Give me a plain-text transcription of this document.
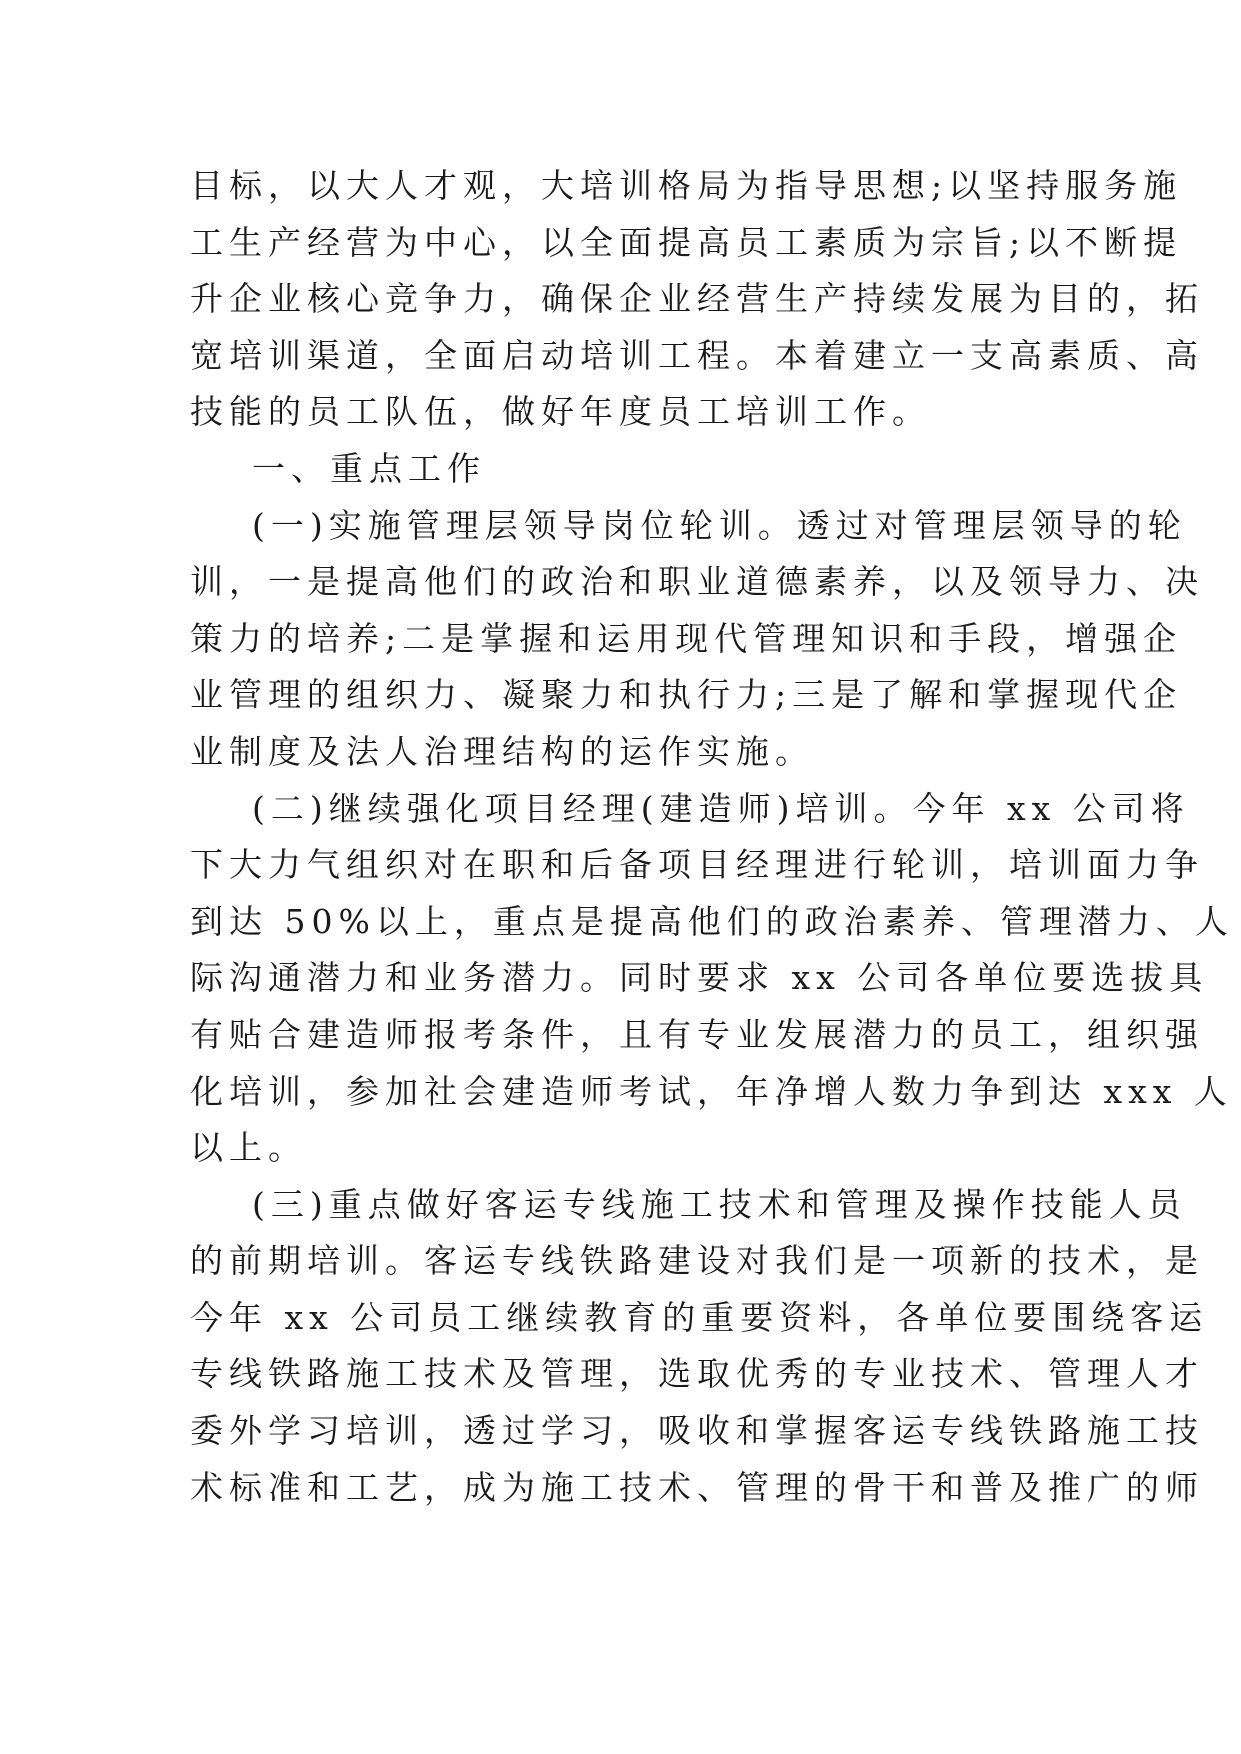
目标，以大人才观，大培训格局为指导思想;以坚持服务施
工生产经营为中心，以全面提高员工素质为宗旨;以不断提
升企业核心竞争力，确保企业经营生产持续发展为目的，拓
宽培训渠道，全面启动培训工程。本着建立一支高素质、高
技能的员工队伍，做好年度员工培训工作。
一、重点工作
(一)实施管理层领导岗位轮训。透过对管理层领导的轮
训，一是提高他们的政治和职业道德素养，以及领导力、决
策力的培养;二是掌握和运用现代管理知识和手段，增强企
业管理的组织力、凝聚力和执行力;三是了解和掌握现代企
业制度及法人治理结构的运作实施。
(二)继续强化项目经理(建造师)培训。今年 xx 公司将
下大力气组织对在职和后备项目经理进行轮训，培训面力争
到达 50%以上，重点是提高他们的政治素养、管理潜力、人
际沟通潜力和业务潜力。同时要求 xx 公司各单位要选拔具
有贴合建造师报考条件，且有专业发展潜力的员工，组织强
化培训，参加社会建造师考试，年净增人数力争到达 xxx 人
以上。
(三)重点做好客运专线施工技术和管理及操作技能人员
的前期培训。客运专线铁路建设对我们是一项新的技术，是
今年 xx 公司员工继续教育的重要资料，各单位要围绕客运
专线铁路施工技术及管理，选取优秀的专业技术、管理人才
委外学习培训，透过学习，吸收和掌握客运专线铁路施工技
术标准和工艺，成为施工技术、管理的骨干和普及推广的师
